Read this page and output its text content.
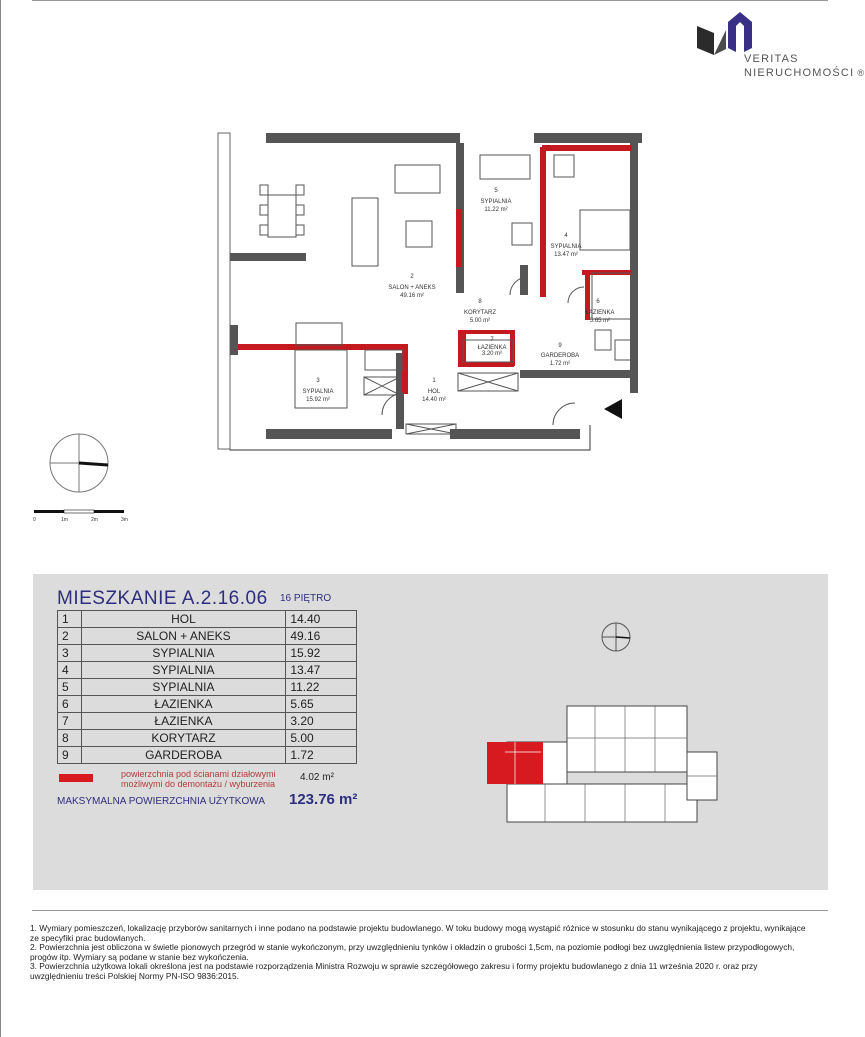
VERITAS
NIERUCHOMOŚCI ®
5
SYPIALNIA
11.22 m²
4
SYPIALNIA
13.47 m²
2
SALON + ANEKS
49.16 m²
8
KORYTARZ
5.00 m²
6
ŁAZIENKA
5.65 m²
7
ŁAZIENKA
3.20 m²
9
GARDEROBA
1.72 m²
3
SYPIALNIA
15.92 m²
1
HOL
14.40 m²
0	1m	2m	3m
MIESZKANIE A.2.16.06 16 PIĘTRO
1	HOL	14.40
2	SALON + ANEKS	49.16
3	SYPIALNIA	15.92
4	SYPIALNIA	13.47
5	SYPIALNIA	11.22
6	ŁAZIENKA	5.65
7	ŁAZIENKA	3.20
8	KORYTARZ	5.00
9	GARDEROBA	1.72
powierzchnia pod ścianami działowymi
możliwymi do demontażu / wyburzenia
4.02 m²
MAKSYMALNA POWIERZCHNIA UŻYTKOWA 123.76 m²

1. Wymiary pomieszczeń, lokalizację przyborów sanitarnych i inne podano na podstawie projektu budowlanego. W toku budowy mogą wystąpić różnice w stosunku do stanu wynikającego z projektu, wynikające ze specyfiki prac budowlanych.

2. Powierzchnia jest obliczona w świetle pionowych przegród w stanie wykończonym, przy uwzględnieniu tynków i okładzin o grubości 1,5cm, na poziomie podłogi bez uwzględnienia listew przypodłogowych, progów itp. Wymiary są podane w stanie bez wykończenia.

3. Powierzchnia użytkowa lokali określona jest na podstawie rozporządzenia Ministra Rozwoju w sprawie szczegółowego zakresu i formy projektu budowlanego z dnia 11 września 2020 r. oraz przy uwzględnieniu treści Polskiej Normy PN-ISO 9836:2015.
